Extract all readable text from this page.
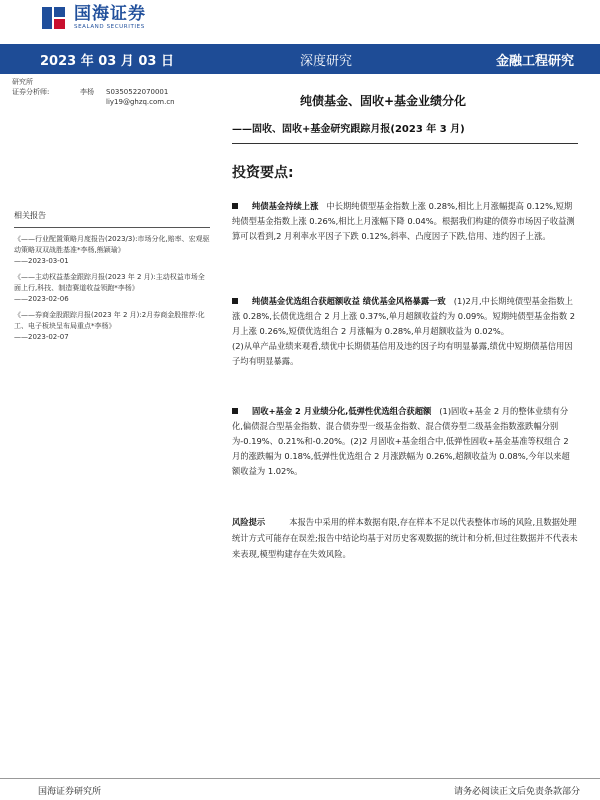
国海证券
SEALAND SECURITIES
2023 年 03 月 03 日	深度研究	金融工程研究
研究所
证券分析师:	李杨	S0350522070001
liy19@ghzq.com.cn	纯债基金、固收+基金业绩分化
——固收、固收+基金研究跟踪月报(2023 年 3 月)
投资要点:
相关报告
《——行业配置策略月度报告(2023/3):市场分化,赔率、宏观驱动策略双双战胜基准*李杨,熊颖瑜》
——2023-03-01
《——主动权益基金跟踪月报(2023 年 2 月):主动权益市场全面上行,科技、制造赛道收益领跑*李杨》
——2023-02-06
《——券商金股跟踪月报(2023 年 2 月):2月券商金股推荐:化工、电子板块呈布局重点*李杨》
——2023-02-07

纯债基金持续上涨 中长期纯债型基金指数上涨 0.28%,相比上月涨幅提高 0.12%,短期纯债型基金指数上涨 0.26%,相比上月涨幅下降 0.04%。根据我们构建的债券市场因子收益测算可以看到,2 月利率水平因子下跌 0.12%,斜率、凸度因子下跌,信用、违约因子上涨。

纯债基金优选组合获超额收益 绩优基金风格暴露一致 (1)2月,中长期纯债型基金指数上涨 0.28%,长债优选组合 2 月上涨 0.37%,单月超额收益约为 0.09%。短期纯债型基金指数 2 月上涨 0.26%,短债优选组合 2 月涨幅为 0.28%,单月超额收益为 0.02%。

(2)从单产品业绩来观看,绩优中长期债基信用及违约因子均有明显暴露,绩优中短期债基信用因子均有明显暴露。

固收+基金 2 月业绩分化,低弹性优选组合获超额 (1)固收+基金 2 月的整体业绩有分化,偏债混合型基金指数、混合债券型一级基金指数、混合债券型二级基金指数涨跌幅分别为-0.19%、0.21%和-0.20%。(2)2 月固收+基金组合中,低弹性固收+基金基准等权组合 2 月的涨跌幅为 0.18%,低弹性优选组合 2 月涨跌幅为 0.26%,超额收益为 0.08%,今年以来超额收益为 1.02%。

风险提示	本报告中采用的样本数据有限,存在样本不足以代表整体市场的风险,且数据处理统计方式可能存在误差;报告中结论均基于对历史客观数据的统计和分析,但过往数据并不代表未来表现,模型构建存在失效风险。
国海证券研究所	请务必阅读正文后免责条款部分
